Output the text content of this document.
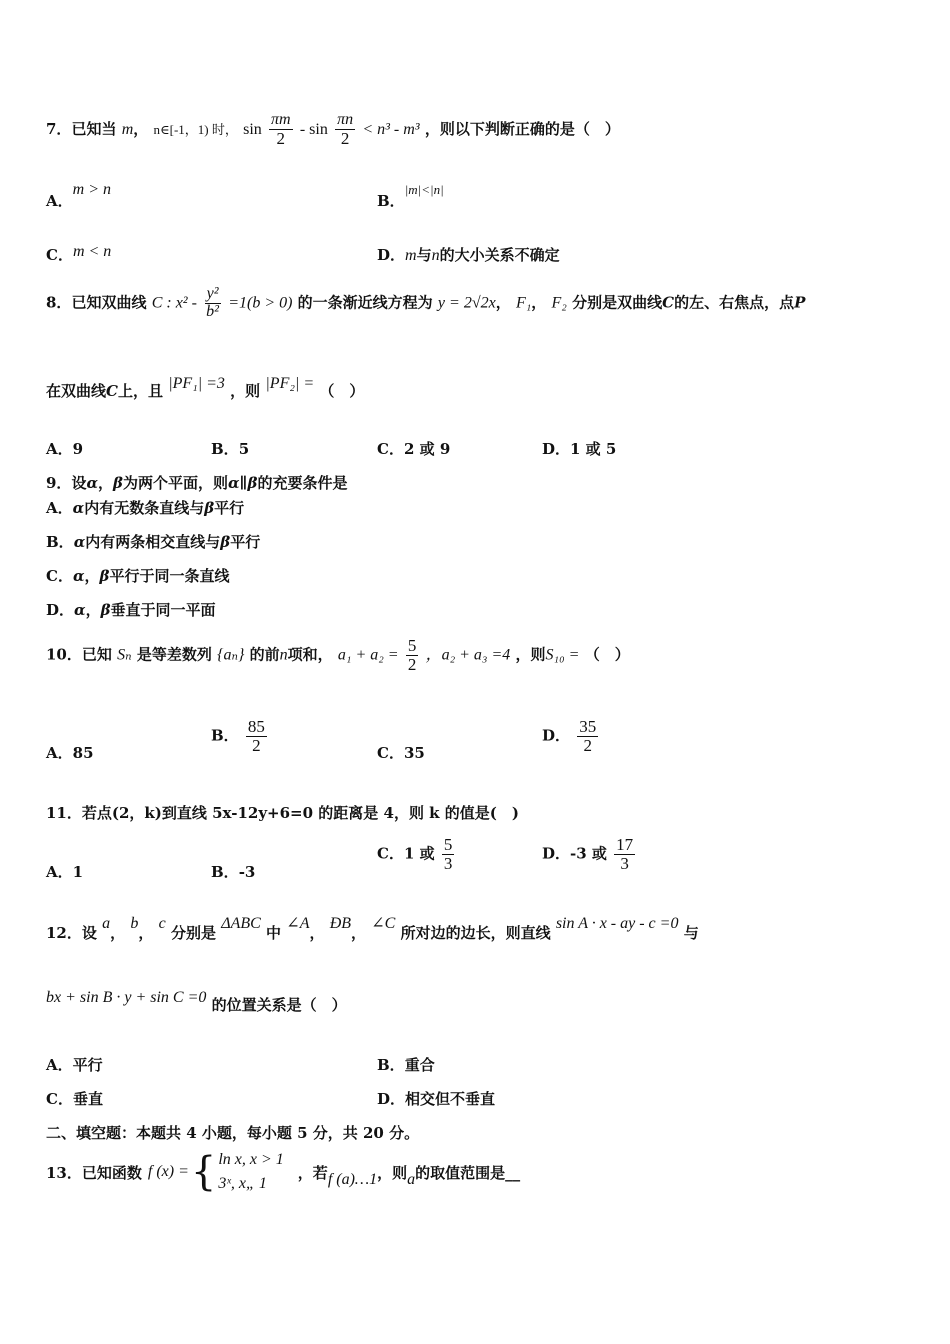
7．已知当 m， n∈[-1，1) 时， $\sin \frac{\pi m}{2} - \sin \frac{\pi n}{2} < n^3 - m^3$ ，则以下判断正确的是（　）
A．m > n
B．|m|<|n|
C．m < n	D．m与n的大小关系不确定
8．已知双曲线 C : $x^2 - \frac{\text{y²}}{\text{b²}} =1(b > 0)$ 的一条渐近线方程为 y = 2√2x， F₁， F₂ 分别是双曲线C的左、右焦点，点P
在双曲线C上，且 |PF₁| =3 ，则 |PF₂| = （　）
A．9	B．5	C．2 或 9	D．1 或 5
9．设α，β为两个平面，则α∥β的充要条件是
A．α内有无数条直线与β平行
B．α内有两条相交直线与β平行
C．α，β平行于同一条直线
D．α，β垂直于同一平面
10．已知 Sₙ 是等差数列 {aₙ} 的前n项和， $a_1 + a_2 = \frac{5}{2}$ ，a₂ + a₃ =4 ，则S₁₀ = （　）
A．85
B． $\frac{85}{2}$	C．35
D． $\frac{35}{2}$
11．若点(2，k)到直线 5x-12y+6=0 的距离是 4，则 k 的值是(　)
A．1	B．-3
C．1 或 $\frac{5}{3}$	D．-3 或 $\frac{17}{3}$
12．设 a， b， c 分别是 ΔABC 中 ∠A， ÐB， ∠C 所对边的边长，则直线 sin A · x - ay - c =0 与
bx + sin B · y + sin C =0 的位置关系是（　）
A．平行	B．重合
C．垂直	D．相交但不垂直
二、填空题：本题共 4 小题，每小题 5 分，共 20 分。
13． 已知函数 f (x) = { ln x, x > 1
3ˣ, x„ 1
，若 f (a)…1 ，则 a 的取值范围是__
